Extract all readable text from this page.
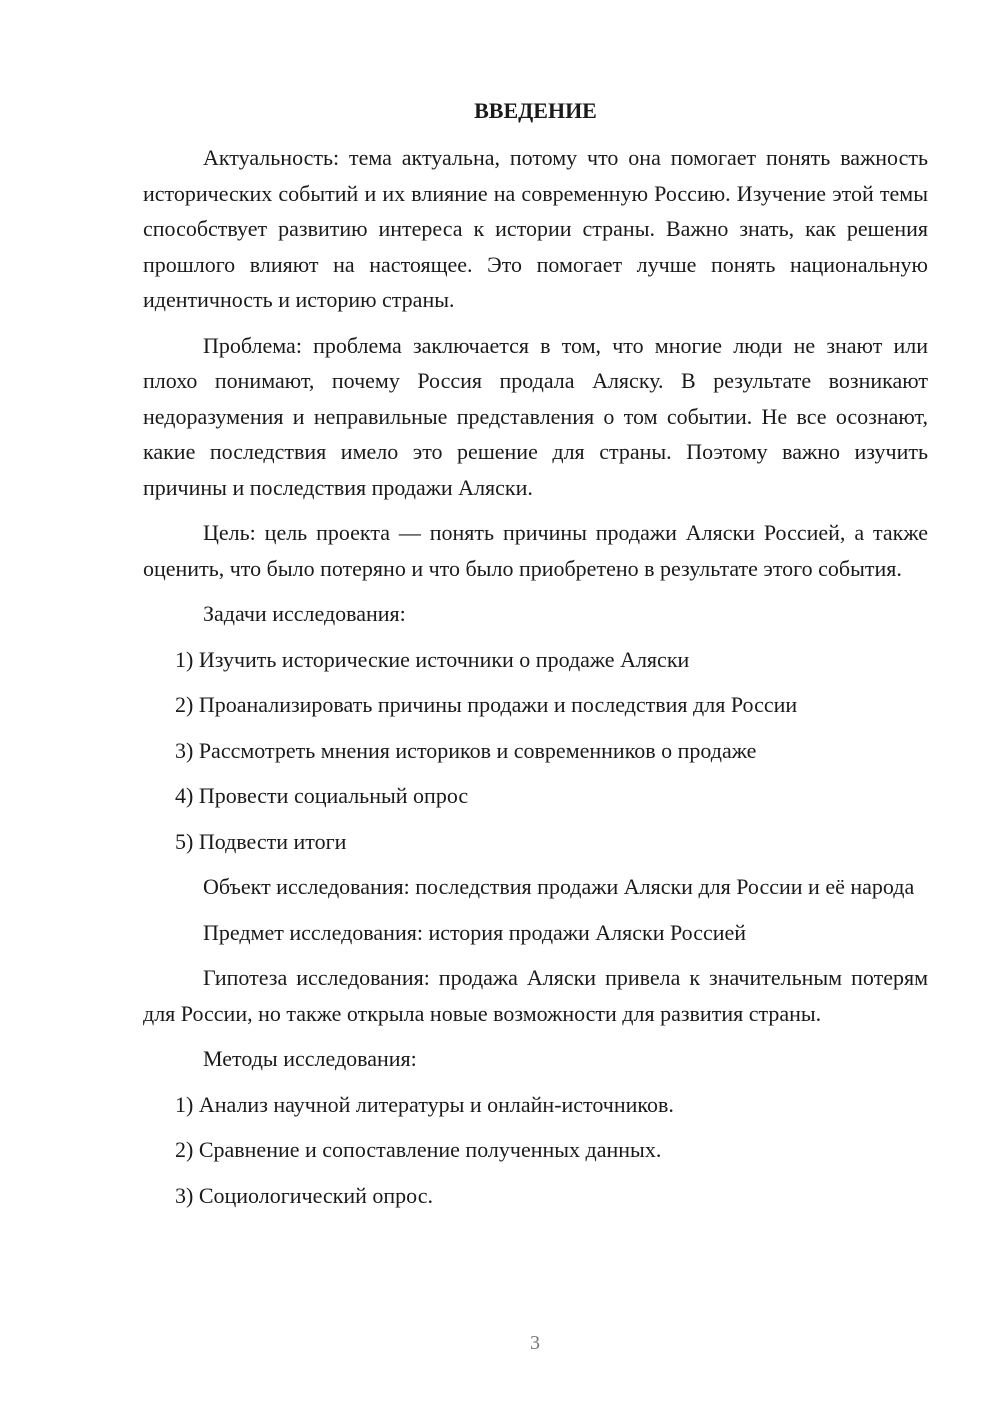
ВВЕДЕНИЕ

Актуальность: тема актуальна, потому что она помогает понять важность исторических событий и их влияние на современную Россию. Изучение этой темы способствует развитию интереса к истории страны. Важно знать, как решения прошлого влияют на настоящее. Это помогает лучше понять национальную идентичность и историю страны.

Проблема: проблема заключается в том, что многие люди не знают или плохо понимают, почему Россия продала Аляску. В результате возникают недоразумения и неправильные представления о том событии. Не все осознают, какие последствия имело это решение для страны. Поэтому важно изучить причины и последствия продажи Аляски.

Цель: цель проекта — понять причины продажи Аляски Россией, а также оценить, что было потеряно и что было приобретено в результате этого события.

Задачи исследования:

1) Изучить исторические источники о продаже Аляски

2) Проанализировать причины продажи и последствия для России

3) Рассмотреть мнения историков и современников о продаже

4) Провести социальный опрос

5) Подвести итоги

Объект исследования: последствия продажи Аляски для России и её народа

Предмет исследования: история продажи Аляски Россией

Гипотеза исследования: продажа Аляски привела к значительным потерям для России, но также открыла новые возможности для развития страны.

Методы исследования:

1) Анализ научной литературы и онлайн-источников.

2) Сравнение и сопоставление полученных данных.

3) Социологический опрос.

3
